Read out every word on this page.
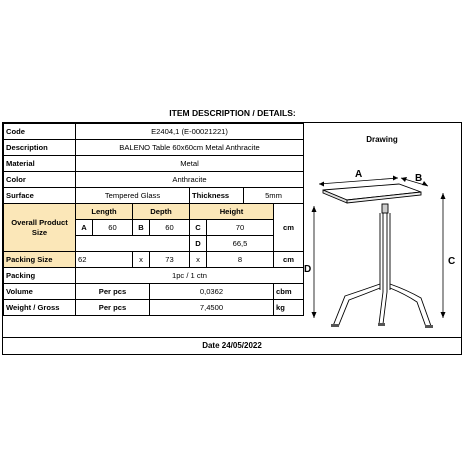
ITEM DESCRIPTION / DETAILS:
Code	E2404,1 (E-00021221)							
Description	BALENO Table 60x60cm Metal Anthracite							
Material	Metal							
Color	Anthracite							
Surface	Tempered Glass				Thickness		5mm	
Overall Product Size	Length		Depth		Height			cm
	A	60	B	60	C	70		
					D	66,5		
Packing Size	62		x	73	x	8		cm
Packing	1pc / 1 ctn							
Volume	Per pcs			0,0362				cbm
Weight / Gross	Per pcs			7,4500				kg
Drawing
A	B
D
C
Date 24/05/2022
